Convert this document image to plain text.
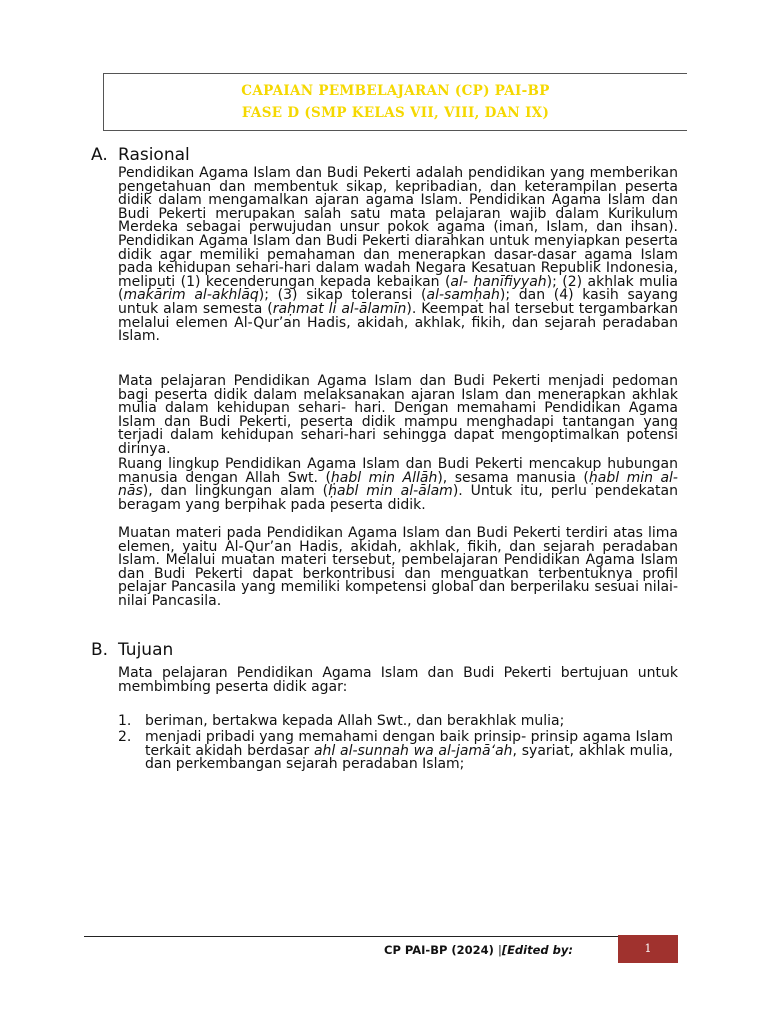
CAPAIAN PEMBELAJARAN (CP) PAI-BP
FASE D (SMP KELAS VII, VIII, DAN IX)
A. Rasional

Pendidikan Agama Islam dan Budi Pekerti adalah pendidikan yang memberikan pengetahuan dan membentuk sikap, kepribadian, dan keterampilan peserta didik dalam mengamalkan ajaran agama Islam. Pendidikan Agama Islam dan Budi Pekerti merupakan salah satu mata pelajaran wajib dalam Kurikulum Merdeka sebagai perwujudan unsur pokok agama (iman, Islam, dan ihsan). Pendidikan Agama Islam dan Budi Pekerti diarahkan untuk menyiapkan peserta didik agar memiliki pemahaman dan menerapkan dasar-dasar agama Islam pada kehidupan sehari-hari dalam wadah Negara Kesatuan Republik Indonesia, meliputi (1) kecenderungan kepada kebaikan (al- ḥanīfiyyah); (2) akhlak mulia (makārim al-akhlāq); (3) sikap toleransi (al-samḥah); dan (4) kasih sayang untuk alam semesta (raḥmat li al-ālamīn). Keempat hal tersebut tergambarkan melalui elemen Al-Qur’an Hadis, akidah, akhlak, fikih, dan sejarah peradaban Islam.

Mata pelajaran Pendidikan Agama Islam dan Budi Pekerti menjadi pedoman bagi peserta didik dalam melaksanakan ajaran Islam dan menerapkan akhlak mulia dalam kehidupan sehari- hari. Dengan memahami Pendidikan Agama Islam dan Budi Pekerti, peserta didik mampu menghadapi tantangan yang terjadi dalam kehidupan sehari-hari sehingga dapat mengoptimalkan potensi dirinya.

Ruang lingkup Pendidikan Agama Islam dan Budi Pekerti mencakup hubungan manusia dengan Allah Swt. (ḥabl min Allāh), sesama manusia (ḥabl min al-nās), dan lingkungan alam (ḥabl min al-ālam). Untuk itu, perlu pendekatan beragam yang berpihak pada peserta didik.

Muatan materi pada Pendidikan Agama Islam dan Budi Pekerti terdiri atas lima elemen, yaitu Al-Qur’an Hadis, akidah, akhlak, fikih, dan sejarah peradaban Islam. Melalui muatan materi tersebut, pembelajaran Pendidikan Agama Islam dan Budi Pekerti dapat berkontribusi dan menguatkan terbentuknya profil pelajar Pancasila yang memiliki kompetensi global dan berperilaku sesuai nilai-nilai Pancasila.

B. Tujuan

Mata pelajaran Pendidikan Agama Islam dan Budi Pekerti bertujuan untuk membimbing peserta didik agar:

1. beriman, bertakwa kepada Allah Swt., dan berakhlak mulia;
2. menjadi pribadi yang memahami dengan baik prinsip- prinsip agama Islam terkait akidah berdasar ahl al-sunnah wa al-jamā‘ah, syariat, akhlak mulia, dan perkembangan sejarah peradaban Islam;
CP PAI-BP (2024) |[Edited by:	1
